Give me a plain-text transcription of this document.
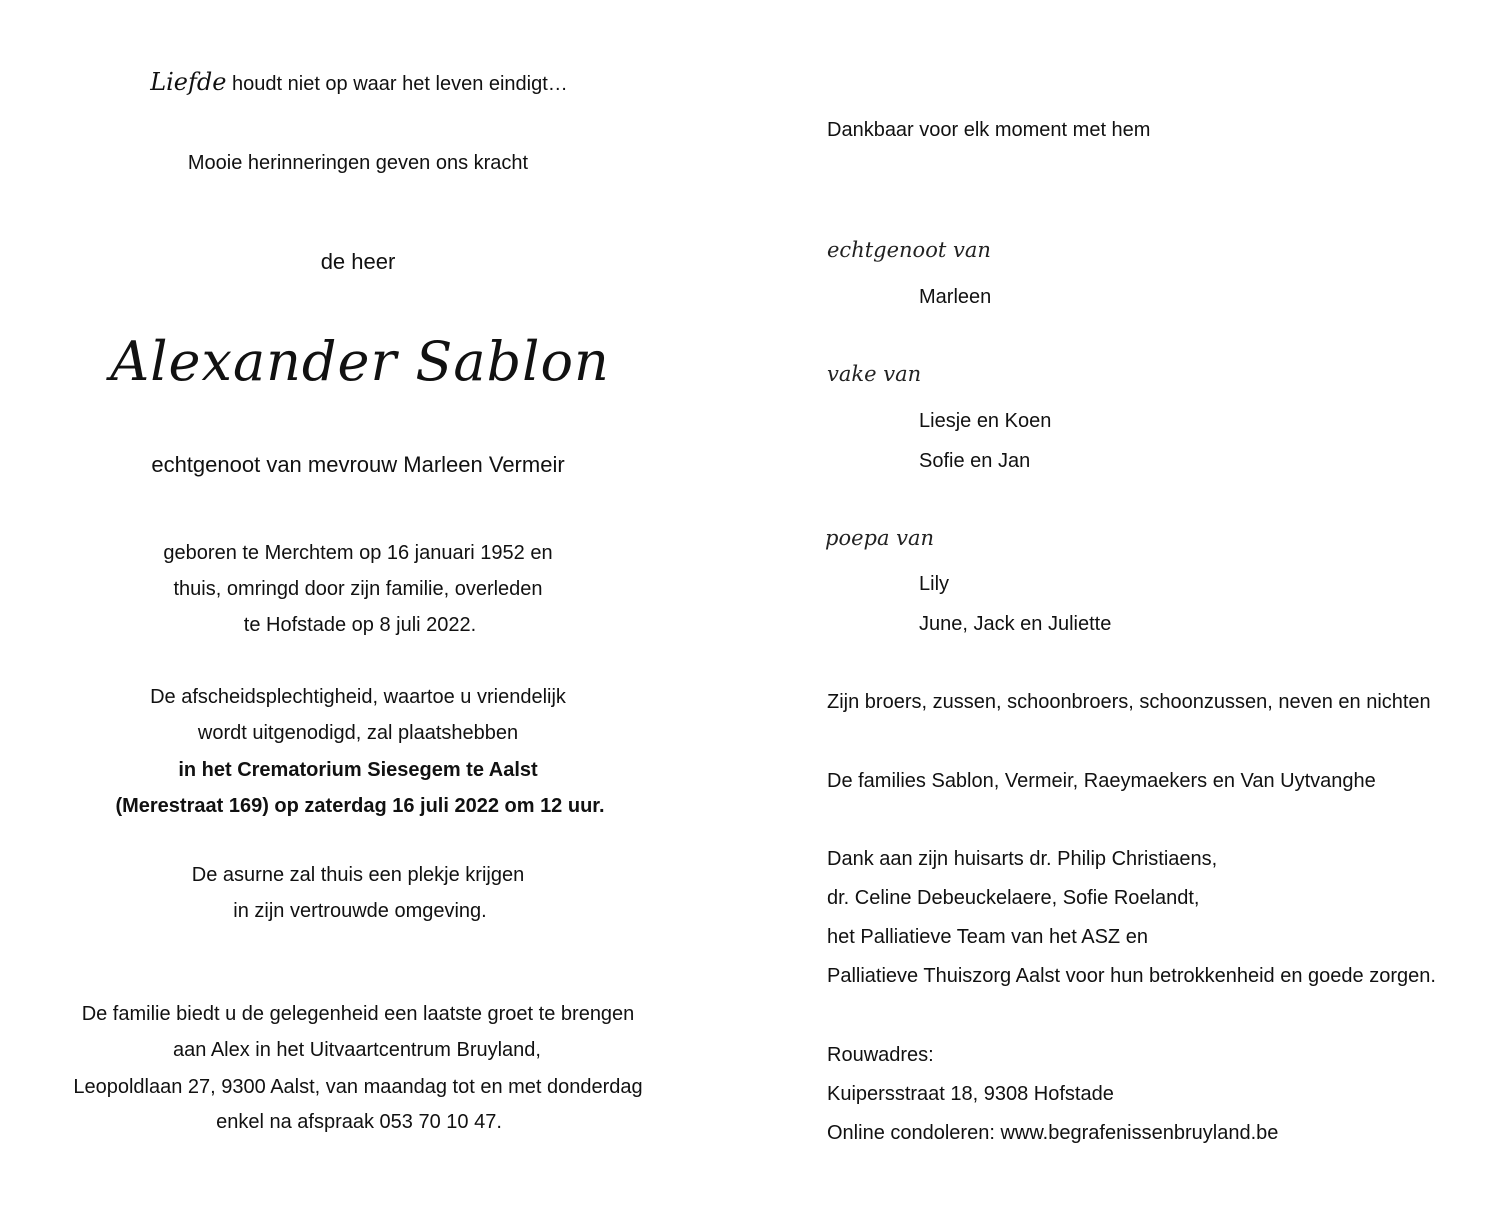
Liefde houdt niet op waar het leven eindigt…
Mooie herinneringen geven ons kracht
de heer
Alexander Sablon
echtgenoot van mevrouw Marleen Vermeir
geboren te Merchtem op 16 januari 1952 en
thuis, omringd door zijn familie, overleden
te Hofstade op 8 juli 2022.
De afscheidsplechtigheid, waartoe u vriendelijk
wordt uitgenodigd, zal plaatshebben
in het Crematorium Siesegem te Aalst
(Merestraat 169) op zaterdag 16 juli 2022 om 12 uur.
De asurne zal thuis een plekje krijgen
in zijn vertrouwde omgeving.
De familie biedt u de gelegenheid een laatste groet te brengen
aan Alex in het Uitvaartcentrum Bruyland,
Leopoldlaan 27, 9300 Aalst, van maandag tot en met donderdag
enkel na afspraak 053 70 10 47.
Dankbaar voor elk moment met hem
echtgenoot van
Marleen
vake van
Liesje en Koen
Sofie en Jan
poepa van
Lily
June, Jack en Juliette
Zijn broers, zussen, schoonbroers, schoonzussen, neven en nichten
De families Sablon, Vermeir, Raeymaekers en Van Uytvanghe
Dank aan zijn huisarts dr. Philip Christiaens,
dr. Celine Debeuckelaere, Sofie Roelandt,
het Palliatieve Team van het ASZ en
Palliatieve Thuiszorg Aalst voor hun betrokkenheid en goede zorgen.
Rouwadres:
Kuipersstraat 18, 9308 Hofstade
Online condoleren: www.begrafenissenbruyland.be
